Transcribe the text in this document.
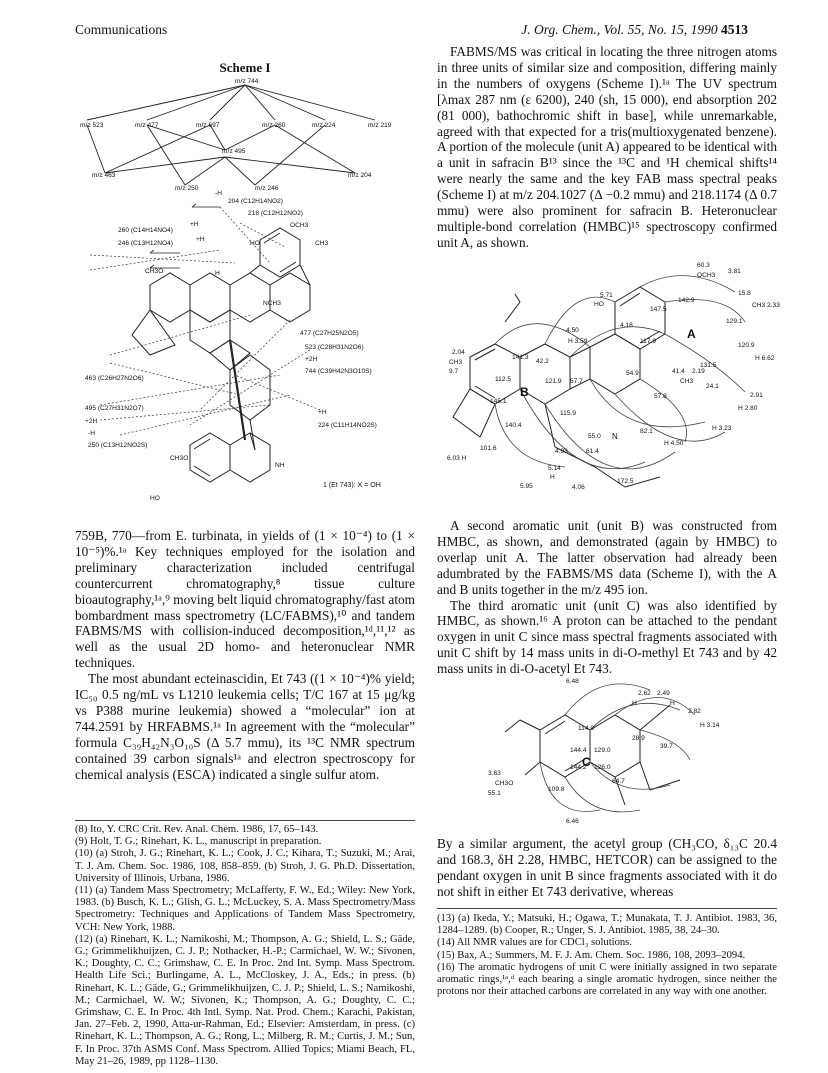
Communications	J. Org. Chem., Vol. 55, No. 15, 1990 4513
Scheme I
m/z 744
m/z 523	m/z 477	m/z 697	m/z 260	m/z 224	m/z 219
m/z 495
m/z 463	m/z 204
m/z 250	m/z 246
-H
204 (C12H14NO2)
218 (C12H12NO2)
260 (C14H14NO4)
246 (C13H12NO4)
+H
+H
477 (C27H25N2O5)
523 (C28H31N2O6)
+2H
744 (C39H42N3O10S)
463 (C26H27N2O6)
495 (C27H31N2O7)
+2H
-H
250 (C13H12NO2S)
224 (C11H14NO2S)
+H
OCH3
CH3
CH3O
HO
CH3O
H
NCH3
NH
HO
1 (Et 743): X = OH

759B, 770—from E. turbinata, in yields of (1 × 10⁻⁴) to (1 × 10⁻⁵)%.¹ᵃ Key techniques employed for the isolation and preliminary characterization included centrifugal countercurrent chromatography,⁸ tissue culture bioautography,¹ᵃ,⁹ moving belt liquid chromatography/fast atom bombardment mass spectrometry (LC/FABMS),¹⁰ and tandem FABMS/MS with collision-induced decomposition,¹ᵈ,¹¹,¹² as well as the usual 2D homo- and heteronuclear NMR techniques.

The most abundant ecteinascidin, Et 743 ((1 × 10⁻⁴)% yield; IC₅₀ 0.5 ng/mL vs L1210 leukemia cells; T/C 167 at 15 μg/kg vs P388 murine leukemia) showed a “molecular” ion at 744.2591 by HRFABMS.¹ᵃ In agreement with the “molecular” formula C₃₉H₄₂N₃O₁₀S (Δ 5.7 mmu), its ¹³C NMR spectrum contained 39 carbon signals¹ᵃ and electron spectroscopy for chemical analysis (ESCA) indicated a single sulfur atom.

(8) Ito, Y. CRC Crit. Rev. Anal. Chem. 1986, 17, 65–143.

(9) Holt, T. G.; Rinehart, K. L., manuscript in preparation.

(10) (a) Stroh, J. G.; Rinehart, K. L.; Cook, J. C.; Kihara, T.; Suzuki, M.; Arai, T. J. Am. Chem. Soc. 1986, 108, 858–859. (b) Stroh, J. G. Ph.D. Dissertation, University of Illinois, Urbana, 1986.

(11) (a) Tandem Mass Spectrometry; McLafferty, F. W., Ed.; Wiley: New York, 1983. (b) Busch, K. L.; Glish, G. L.; McLuckey, S. A. Mass Spectrometry/Mass Spectrometry: Techniques and Applications of Tandem Mass Spectrometry, VCH: New York, 1988.

(12) (a) Rinehart, K. L.; Namikoshi, M.; Thompson, A. G.; Shield, L. S.; Gäde, G.; Grimmelikhuijzen, C. J. P.; Nothacker, H.-P.; Carmichael, W. W.; Sivonen, K.; Doughty, C. C.; Grimshaw, C. E. In Proc. 2nd Int. Symp. Mass Spectrom. Health Life Sci.; Burlingame, A. L., McCloskey, J. A., Eds.; in press. (b) Rinehart, K. L.; Gäde, G.; Grimmelikhuijzen, C. J. P.; Shield, L. S.; Namikoshi, M.; Carmichael, W. W.; Sivonen, K.; Thompson, A. G.; Doughty, C. C.; Grimshaw, C. E. In Proc. 4th Intl. Symp. Nat. Prod. Chem.; Karachi, Pakistan, Jan. 27–Feb. 2, 1990, Atta-ur-Rahman, Ed.; Elsevier: Amsterdam, in press. (c) Rinehart, K. L.; Thompson, A. G.; Rong, L.; Milberg, R. M.; Curtis, J. M.; Sun, F. In Proc. 37th ASMS Conf. Mass Spectrom. Allied Topics; Miami Beach, FL, May 21–26, 1989, pp 1128–1130.

FABMS/MS was critical in locating the three nitrogen atoms in three units of similar size and composition, differing mainly in the numbers of oxygens (Scheme I).¹ᵃ The UV spectrum [λmax 287 nm (ε 6200), 240 (sh, 15 000), end absorption 202 (81 000), bathochromic shift in base], while unremarkable, agreed with that expected for a tris(multioxygenated benzene). A portion of the molecule (unit A) appeared to be identical with a unit in safracin B¹³ since the ¹³C and ¹H chemical shifts¹⁴ were nearly the same and the key FAB mass spectral peaks (Scheme I) at m/z 204.1027 (Δ −0.2 mmu) and 218.1174 (Δ 0.7 mmu) were also prominent for safracin B. Heteronuclear multiple-bond correlation (HMBC)¹⁵ spectroscopy confirmed unit A, as shown.

60.3
OCH3
3.81
5.71
HO
142.9
147.5
15.8
CH3 2.33
129.1
A
4.50
H 3.59
4.18
117.9
H 6.62
120.9
131.5
2.04
CH3
9.7
141.3
42.2
41.4 2.19
CH3
24.1
2.91
112.5
B
121.9 57.7
54.9
57.8
H 2.80
H 3.23
145.1
115.9
140.4
55.0 N
82.1
H 4.50
101.6
6.03 H
4.93	61.4
5.14
H
5.95	4.06
172.5

A second aromatic unit (unit B) was constructed from HMBC, as shown, and demonstrated (again by HMBC) to overlap unit A. The latter observation had already been adumbrated by the FABMS/MS data (Scheme I), with the A and B units together in the m/z 495 ion.

The third aromatic unit (unit C) was also identified by HMBC, as shown.¹⁶ A proton can be attached to the pendant oxygen in unit C since mass spectral fragments associated with unit C shift by 14 mass units in di-O-methyl Et 743 and by 42 mass units in di-O-acetyl Et 743.

6.48
2.62 2.49
H	H
2.82
H 3.14
114.0
28.9
39.7
144.4 129.0
C
144.2 126.0
3.63
CH3O
55.1
109.8
64.7
6.46

By a similar argument, the acetyl group (CH₃CO, δ₁₃C 20.4 and 168.3, δH 2.28, HMBC, HETCOR) can be assigned to the pendant oxygen in unit B since fragments associated with it do not shift in either Et 743 derivative, whereas

(13) (a) Ikeda, Y.; Matsuki, H.; Ogawa, T.; Munakata, T. J. Antibiot. 1983, 36, 1284–1289. (b) Cooper, R.; Unger, S. J. Antibiot. 1985, 38, 24–30.

(14) All NMR values are for CDCl₃ solutions.

(15) Bax, A.; Summers, M. F. J. Am. Chem. Soc. 1986, 108, 2093–2094.

(16) The aromatic hydrogens of unit C were initially assigned in two separate aromatic rings,¹ᵃ,ᵈ each bearing a single aromatic hydrogen, since neither the protons nor their attached carbons are correlated in any way with one another.
